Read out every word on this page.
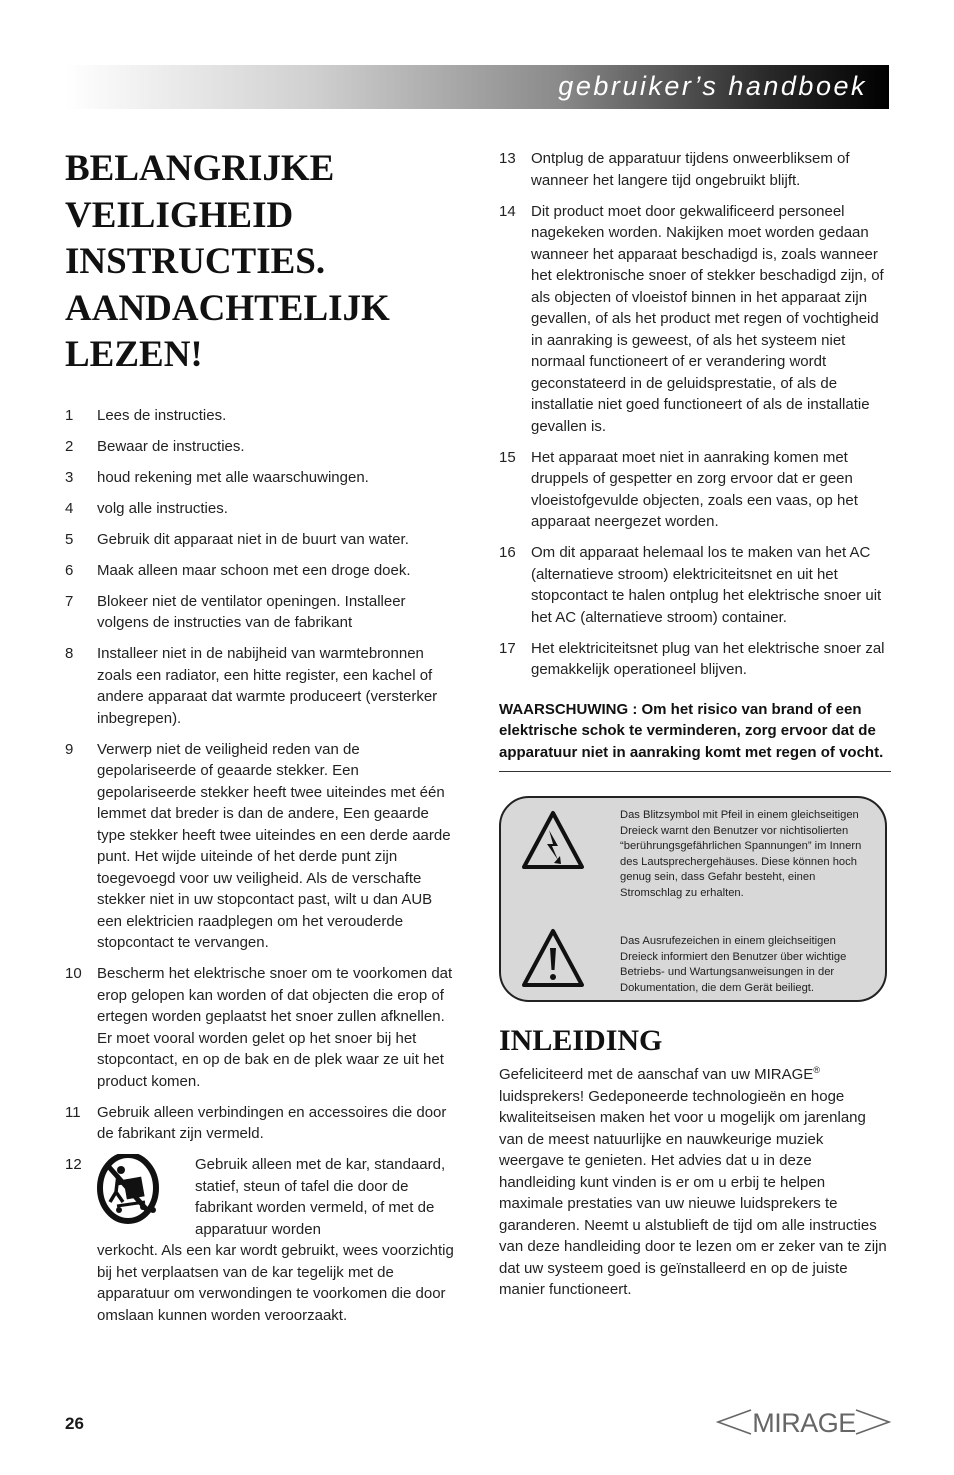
gebruiker’s handboek
BELANGRIJKE VEILIGHEID INSTRUCTIES. AANDACHTELIJK LEZEN!
1 Lees de instructies.
2 Bewaar de instructies.
3 houd rekening met alle waarschuwingen.
4 volg alle instructies.
5 Gebruik dit apparaat niet in de buurt van water.
6 Maak alleen maar schoon met een droge doek.
7 Blokeer niet de ventilator openingen. Installeer volgens de instructies van de fabrikant
8 Installeer niet in de nabijheid van warmtebronnen zoals een radiator, een hitte register, een kachel of andere apparaat dat warmte produceert (versterker inbegrepen).
9 Verwerp niet de veiligheid reden van de gepolariseerde of geaarde stekker. Een gepolariseerde stekker heeft twee uiteindes met één lemmet dat breder is dan de andere, Een geaarde type stekker heeft twee uiteindes en een derde aarde punt. Het wijde uiteinde of het derde punt zijn toegevoegd voor uw veiligheid. Als de verschafte stekker niet in uw stopcontact past, wilt u dan AUB een elektricien raadplegen om het verouderde stopcontact te vervangen.
10 Bescherm het elektrische snoer om te voorkomen dat erop gelopen kan worden of dat objecten die erop of ertegen worden geplaatst het snoer zullen afknellen. Er moet vooral worden gelet op het snoer bij het stopcontact, en op de bak en de plek waar ze uit het product komen.
11 Gebruik alleen verbindingen en accessoires die door de fabrikant zijn vermeld.
12	Gebruik alleen met de kar, standaard, statief, steun of tafel die door de fabrikant worden vermeld, of met de apparatuur worden
verkocht. Als een kar wordt gebruikt, wees voorzichtig bij het verplaatsen van de kar tegelijk met de apparatuur om verwondingen te voorkomen die door omslaan kunnen worden veroorzaakt.
13 Ontplug de apparatuur tijdens onweerbliksem of wanneer het langere tijd ongebruikt blijft.
14 Dit product moet door gekwalificeerd personeel nagekeken worden. Nakijken moet worden gedaan wanneer het apparaat beschadigd is, zoals wanneer het elektronische snoer of stekker beschadigd zijn, of als objecten of vloeistof binnen in het apparaat zijn gevallen, of als het product met regen of vochtigheid in aanraking is geweest, of als het systeem niet normaal functioneert of er verandering wordt geconstateerd in de geluidsprestatie, of als de installatie niet goed functioneert of als de installatie gevallen is.
15 Het apparaat moet niet in aanraking komen met druppels of gespetter en zorg ervoor dat er geen vloeistofgevulde objecten, zoals een vaas, op het apparaat neergezet worden.
16 Om dit apparaat helemaal los te maken van het AC (alternatieve stroom) elektriciteitsnet en uit het stopcontact te halen ontplug het elektrische snoer uit het AC (alternatieve stroom) container.
17 Het elektriciteitsnet plug van het elektrische snoer zal gemakkelijk operationeel blijven.
WAARSCHUWING : Om het risico van brand of een elektrische schok te verminderen, zorg ervoor dat de apparatuur niet in aanraking komt met regen of vocht.
Das Blitzsymbol mit Pfeil in einem gleichseitigen Dreieck warnt den Benutzer vor nichtisolierten “berührungsgefährlichen Spannungen” im Innern des Lautsprechergehäuses. Diese können hoch genug sein, dass Gefahr besteht, einen Stromschlag zu erhalten.
Das Ausrufezeichen in einem gleichseitigen Dreieck informiert den Benutzer über wichtige Betriebs- und Wartungsanweisungen in der Dokumentation, die dem Gerät beiliegt.
INLEIDING

Gefeliciteerd met de aanschaf van uw MIRAGE® luidsprekers! Gedeponeerde technologieën en hoge kwaliteitseisen maken het voor u mogelijk om jarenlang van de meest natuurlijke en nauwkeurige muziek weergave te genieten. Het advies dat u in deze handleiding kunt vinden is er om u erbij te helpen maximale prestaties van uw nieuwe luidsprekers te garanderen. Neemt u alstublieft de tijd om alle instructies van deze handleiding door te lezen om er zeker van te zijn dat uw systeem goed is geïnstalleerd en op de juiste manier functioneert.

26	MIRAGE
